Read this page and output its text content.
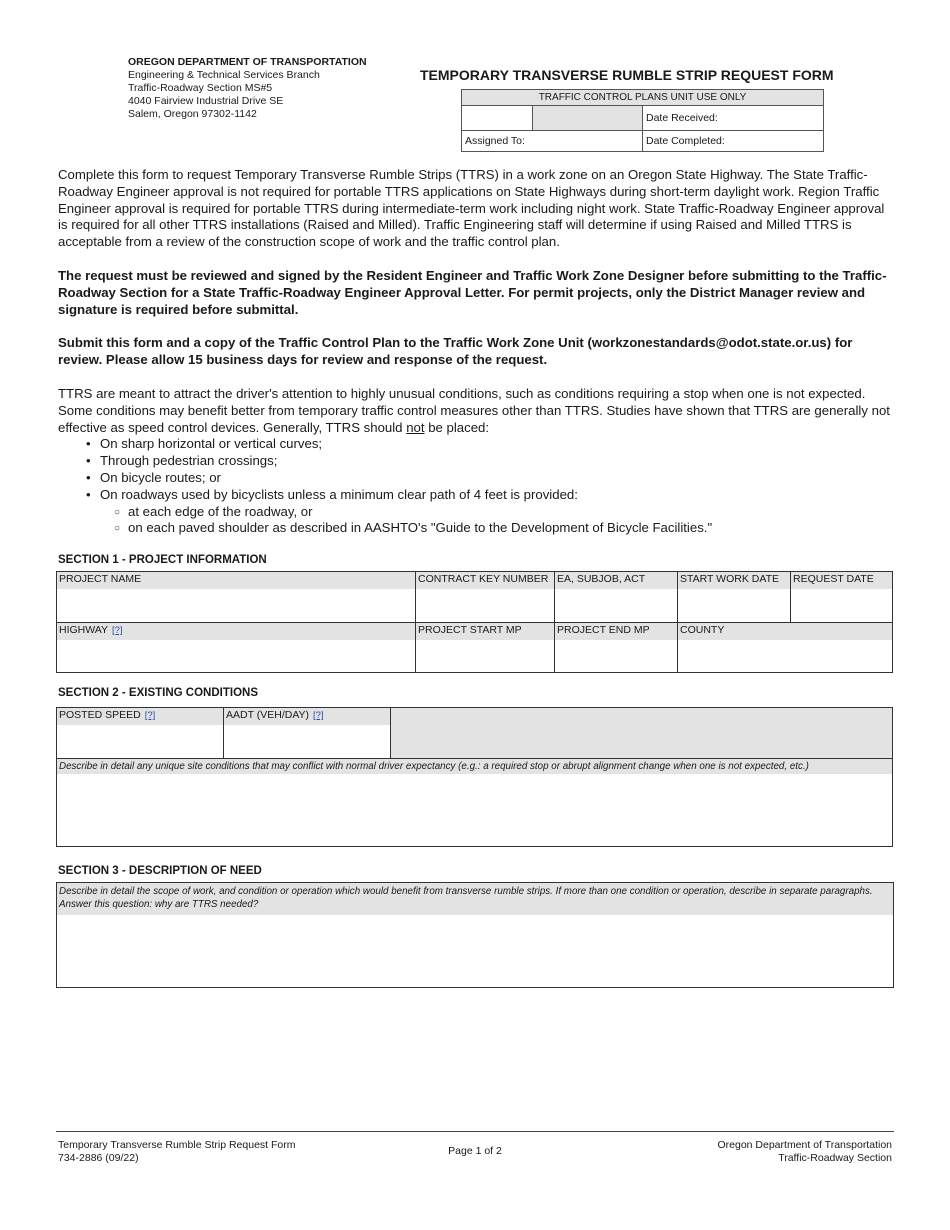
OREGON DEPARTMENT OF TRANSPORTATION
Engineering & Technical Services Branch
Traffic-Roadway Section MS#5
4040 Fairview Industrial Drive SE
Salem, Oregon 97302-1142
TEMPORARY TRANSVERSE RUMBLE STRIP REQUEST FORM
TRAFFIC CONTROL PLANS UNIT USE ONLY		
		Date Received:
Assigned To:		Date Completed:

Complete this form to request Temporary Transverse Rumble Strips (TTRS) in a work zone on an Oregon State Highway. The State Traffic-Roadway Engineer approval is not required for portable TTRS applications on State Highways during short-term daylight work. Region Traffic Engineer approval is required for portable TTRS during intermediate-term work including night work. State Traffic-Roadway Engineer approval is required for all other TTRS installations (Raised and Milled). Traffic Engineering staff will determine if using Raised and Milled TTRS is acceptable from a review of the construction scope of work and the traffic control plan.

The request must be reviewed and signed by the Resident Engineer and Traffic Work Zone Designer before submitting to the Traffic-Roadway Section for a State Traffic-Roadway Engineer Approval Letter. For permit projects, only the District Manager review and signature is required before submittal.

Submit this form and a copy of the Traffic Control Plan to the Traffic Work Zone Unit (workzonestandards@odot.state.or.us) for review. Please allow 15 business days for review and response of the request.

TTRS are meant to attract the driver's attention to highly unusual conditions, such as conditions requiring a stop when one is not expected. Some conditions may benefit better from temporary traffic control measures other than TTRS. Studies have shown that TTRS are generally not effective as speed control devices. Generally, TTRS should not be placed:

• On sharp horizontal or vertical curves;
• Through pedestrian crossings;
• On bicycle routes; or
• On roadways used by bicyclists unless a minimum clear path of 4 feet is provided:
○ at each edge of the roadway, or
○ on each paved shoulder as described in AASHTO's "Guide to the Development of Bicycle Facilities."
SECTION 1 - PROJECT INFORMATION
PROJECT NAME	CONTRACT KEY NUMBER	EA, SUBJOB, ACT	START WORK DATE	REQUEST DATE

HIGHWAY [?]	PROJECT START MP	PROJECT END MP	COUNTY	
SECTION 2 - EXISTING CONDITIONS
POSTED SPEED [?]	AADT (VEH/DAY) [?]

Describe in detail any unique site conditions that may conflict with normal driver expectancy (e.g.: a required stop or abrupt alignment change when one is not expected, etc.)
SECTION 3 - DESCRIPTION OF NEED
Describe in detail the scope of work, and condition or operation which would benefit from transverse rumble strips. If more than one condition or operation, describe in separate paragraphs. Answer this question: why are TTRS needed?
Temporary Transverse Rumble Strip Request Form
734-2886 (09/22)
Page 1 of 2	Oregon Department of Transportation
Traffic-Roadway Section
